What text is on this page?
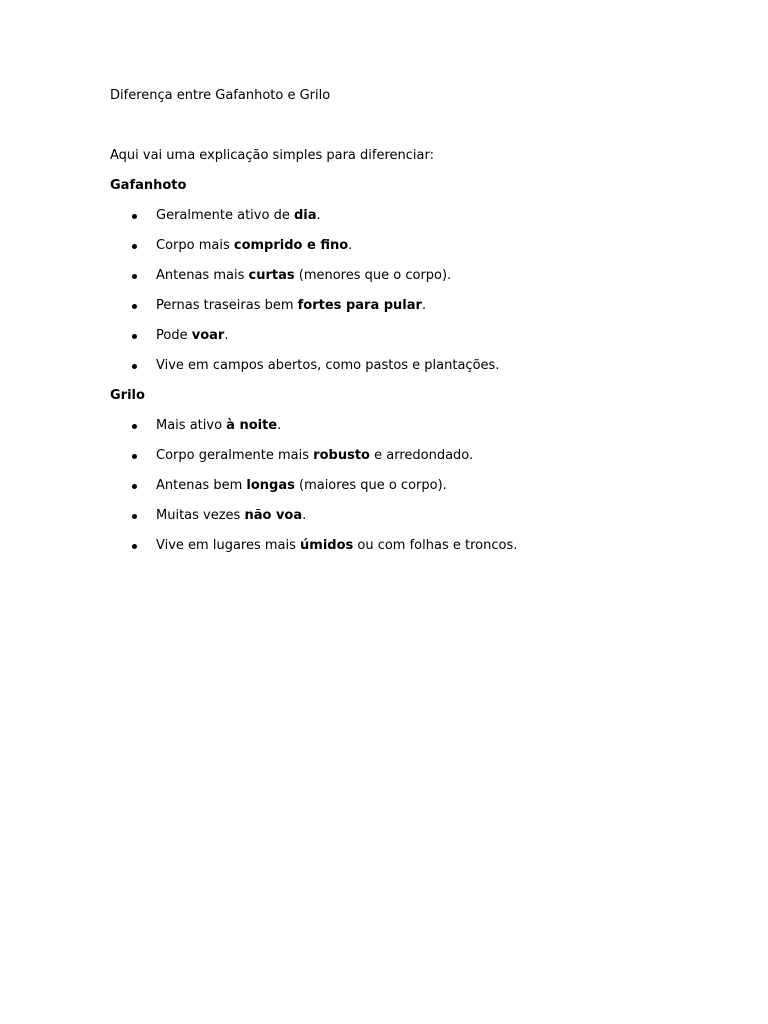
Diferença entre Gafanhoto e Grilo

Aqui vai uma explicação simples para diferenciar:

Gafanhoto

Geralmente ativo de dia.
Corpo mais comprido e fino.
Antenas mais curtas (menores que o corpo).
Pernas traseiras bem fortes para pular.
Pode voar.
Vive em campos abertos, como pastos e plantações.

Grilo

Mais ativo à noite.
Corpo geralmente mais robusto e arredondado.
Antenas bem longas (maiores que o corpo).
Muitas vezes não voa.
Vive em lugares mais úmidos ou com folhas e troncos.
